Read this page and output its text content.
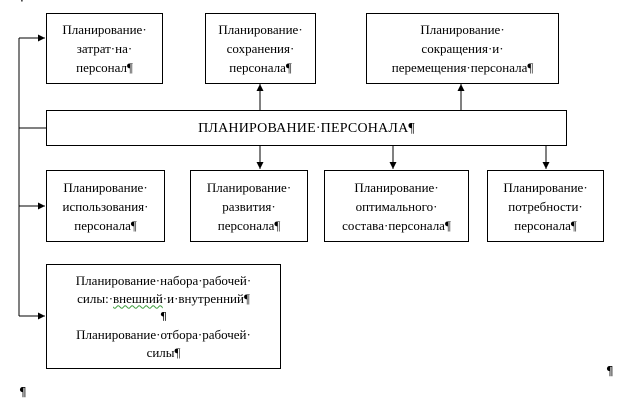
·
Планирование·
затрат·на·
персонал¶
Планирование·
сохранения·
персонала¶
Планирование·
сокращения·и·
перемещения·персонала¶
ПЛАНИРОВАНИЕ·ПЕРСОНАЛА¶
Планирование·
использования·
персонала¶
Планирование·
развития·
персонала¶
Планирование·
оптимального·
составa·персонала¶
Планирование·
потребности·
персонала¶
Планирование·набора·рабочей·
силы:·внешний·и·внутренний¶
¶
Планирование·отбора·рабочей·
силы¶
¶
¶
